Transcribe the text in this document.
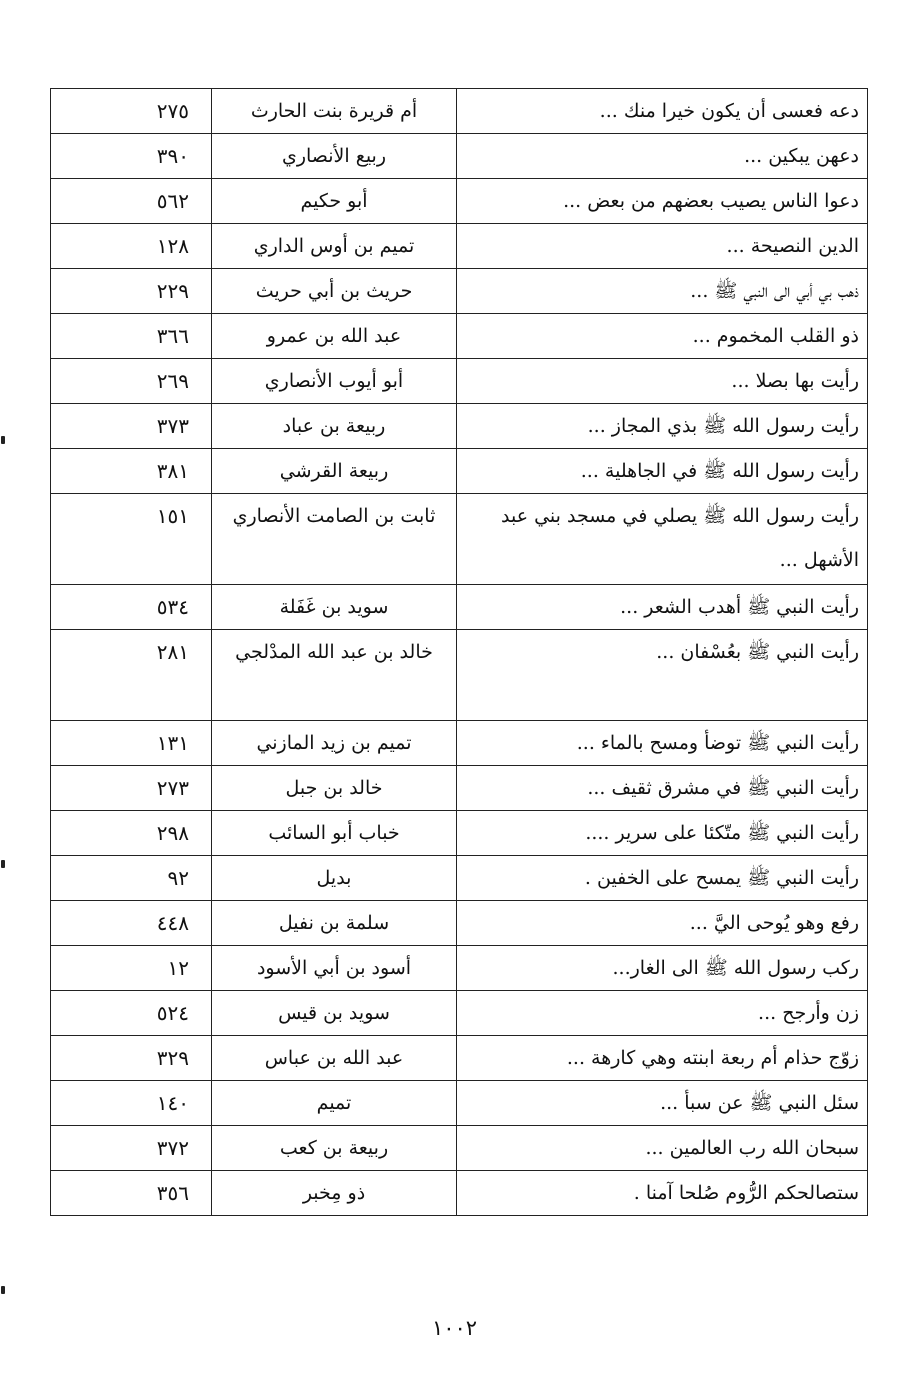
دعه فعسى أن يكون خيرا منك ...	أم قريرة بنت الحارث	٢٧٥
دعهن يبكين ...	ربيع الأنصاري	٣٩٠
دعوا الناس يصيب بعضهم من بعض ...	أبو حكيم	٥٦٢
الدين النصيحة ...	تميم بن أوس الداري	١٢٨
ذهب بي أبي الى النبي ﷺ ...	حريث بن أبي حريث	٢٢٩
ذو القلب المخموم ...	عبد الله بن عمرو	٣٦٦
رأيت بها بصلا ...	أبو أيوب الأنصاري	٢٦٩
رأيت رسول الله ﷺ بذي المجاز ...	ربيعة بن عباد	٣٧٣
رأيت رسول الله ﷺ في الجاهلية ...	ربيعة القرشي	٣٨١
رأيت رسول الله ﷺ يصلي في مسجد بني عبد الأشهل ...	ثابت بن الصامت الأنصاري	١٥١
رأيت النبي ﷺ أهدب الشعر ...	سويد بن غَفَلة	٥٣٤
رأيت النبي ﷺ بعُسْفان ...	خالد بن عبد الله المدْلجي	٢٨١
رأيت النبي ﷺ توضأ ومسح بالماء ...	تميم بن زيد المازني	١٣١
رأيت النبي ﷺ في مشرق ثقيف ...	خالد بن جبل	٢٧٣
رأيت النبي ﷺ متّكئا على سرير ....	خباب أبو السائب	٢٩٨
رأيت النبي ﷺ يمسح على الخفين .	بديل	٩٢
رفع وهو يُوحى اليَّ ...	سلمة بن نفيل	٤٤٨
ركب رسول الله ﷺ الى الغار...	أسود بن أبي الأسود	١٢
زن وأرجح ...	سويد بن قيس	٥٢٤
زوّج حذام أم ربعة ابنته وهي كارهة ...	عبد الله بن عباس	٣٢٩
سئل النبي ﷺ عن سبأ ...	تميم	١٤٠
سبحان الله رب العالمين ...	ربيعة بن كعب	٣٧٢
ستصالحكم الرُّوم صُلحا آمنا .	ذو مِخبر	٣٥٦
١٠٠٢
